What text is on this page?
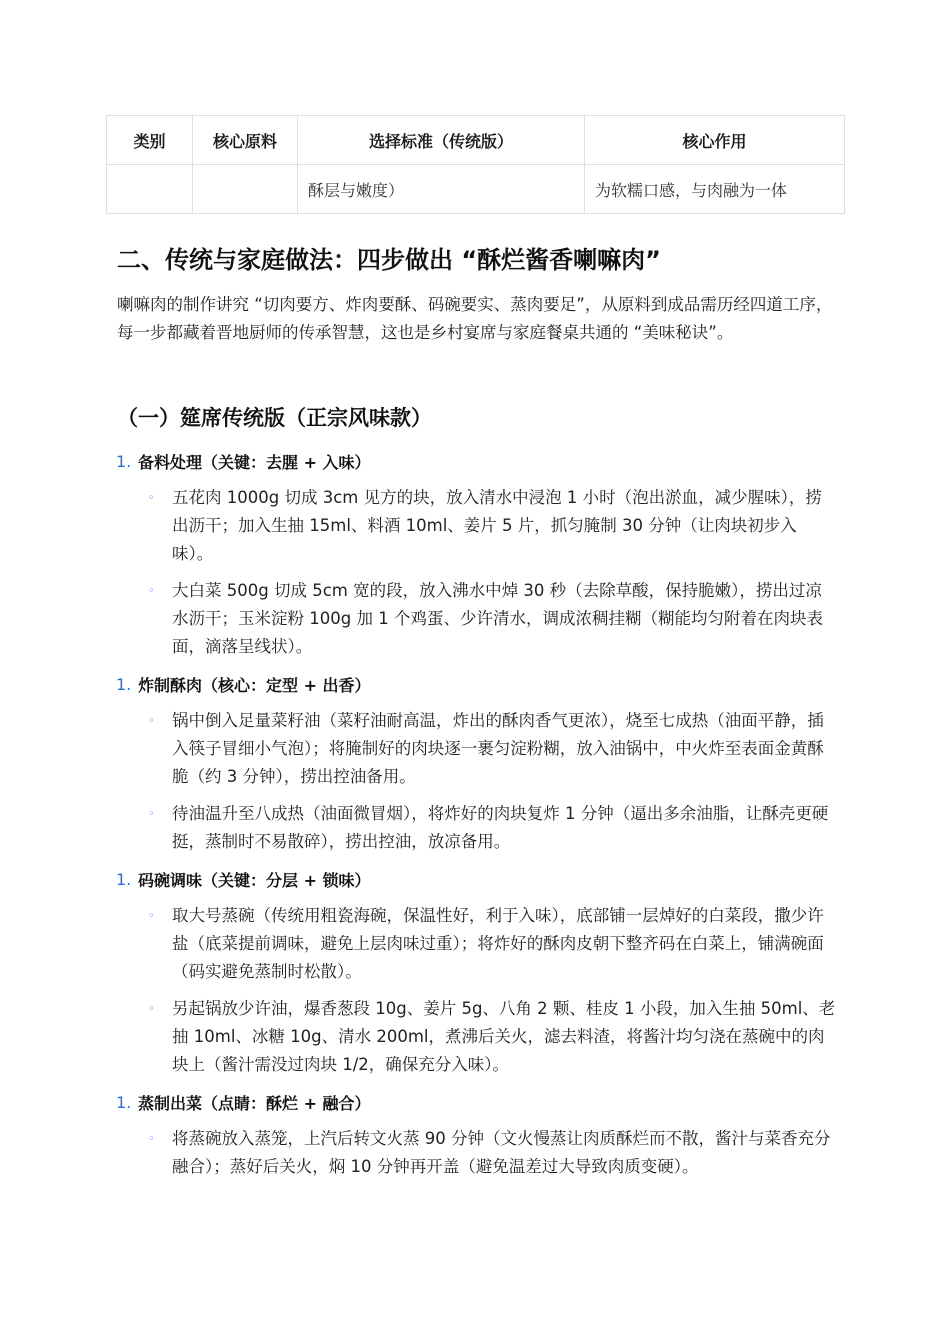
类别	核心原料	选择标准（传统版）	核心作用
		酥层与嫩度）	为软糯口感，与肉融为一体
二、传统与家庭做法：四步做出 “酥烂酱香喇嘛肉”

喇嘛肉的制作讲究 “切肉要方、炸肉要酥、码碗要实、蒸肉要足”，从原料到成品需历经四道工序，每一步都藏着晋地厨师的传承智慧，这也是乡村宴席与家庭餐桌共通的 “美味秘诀”。

（一）筵席传统版（正宗风味款）
1. 备料处理（关键：去腥 + 入味）
◦	五花肉 1000g 切成 3cm 见方的块，放入清水中浸泡 1 小时（泡出淤血，减少腥味），捞出沥干；加入生抽 15ml、料酒 10ml、姜片 5 片，抓匀腌制 30 分钟（让肉块初步入味）。
◦	大白菜 500g 切成 5cm 宽的段，放入沸水中焯 30 秒（去除草酸，保持脆嫩），捞出过凉水沥干；玉米淀粉 100g 加 1 个鸡蛋、少许清水，调成浓稠挂糊（糊能均匀附着在肉块表面，滴落呈线状）。
1. 炸制酥肉（核心：定型 + 出香）
◦	锅中倒入足量菜籽油（菜籽油耐高温，炸出的酥肉香气更浓），烧至七成热（油面平静，插入筷子冒细小气泡）；将腌制好的肉块逐一裹匀淀粉糊，放入油锅中，中火炸至表面金黄酥脆（约 3 分钟），捞出控油备用。
◦	待油温升至八成热（油面微冒烟），将炸好的肉块复炸 1 分钟（逼出多余油脂，让酥壳更硬挺，蒸制时不易散碎），捞出控油，放凉备用。
1. 码碗调味（关键：分层 + 锁味）
◦	取大号蒸碗（传统用粗瓷海碗，保温性好，利于入味），底部铺一层焯好的白菜段，撒少许盐（底菜提前调味，避免上层肉味过重）；将炸好的酥肉皮朝下整齐码在白菜上，铺满碗面（码实避免蒸制时松散）。
◦	另起锅放少许油，爆香葱段 10g、姜片 5g、八角 2 颗、桂皮 1 小段，加入生抽 50ml、老抽 10ml、冰糖 10g、清水 200ml，煮沸后关火，滤去料渣，将酱汁均匀浇在蒸碗中的肉块上（酱汁需没过肉块 1/2，确保充分入味）。
1. 蒸制出菜（点睛：酥烂 + 融合）
◦	将蒸碗放入蒸笼，上汽后转文火蒸 90 分钟（文火慢蒸让肉质酥烂而不散，酱汁与菜香充分融合）；蒸好后关火，焖 10 分钟再开盖（避免温差过大导致肉质变硬）。
